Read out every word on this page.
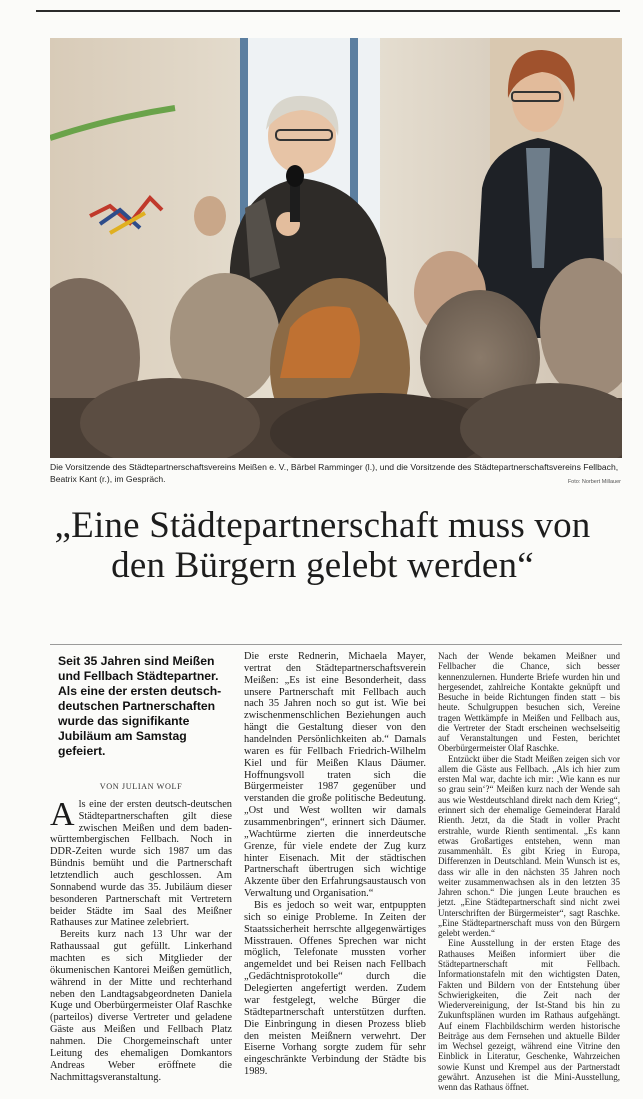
Die Vorsitzende des Städtepartnerschaftsvereins Meißen e. V., Bärbel Ramminger (l.), und die Vorsitzende des Städtepartnerschaftsvereins Fellbach, Beatrix Kant (r.), im Gespräch.	Foto: Norbert Millauer
„Eine Städtepartnerschaft muss von den Bürgern gelebt werden“
Seit 35 Jahren sind Meißen und Fellbach Städtepartner. Als eine der ersten deutsch-deutschen Partnerschaften wurde das signifikante Jubiläum am Samstag gefeiert.
VON JULIAN WOLF

Als eine der ersten deutsch-deutschen Städtepartnerschaften gilt diese zwischen Meißen und dem baden-württembergischen Fellbach. Noch in DDR-Zeiten wurde sich 1987 um das Bündnis bemüht und die Partnerschaft letztendlich auch geschlossen. Am Sonnabend wurde das 35. Jubiläum dieser besonderen Partnerschaft mit Vertretern beider Städte im Saal des Meißner Rathauses zur Matinee zelebriert.

Bereits kurz nach 13 Uhr war der Rathaussaal gut gefüllt. Linkerhand machten es sich Mitglieder der ökumenischen Kantorei Meißen gemütlich, während in der Mitte und rechterhand neben den Landtagsabgeordneten Daniela Kuge und Oberbürgermeister Olaf Raschke (parteilos) diverse Vertreter und geladene Gäste aus Meißen und Fellbach Platz nahmen. Die Chorgemeinschaft unter Leitung des ehemaligen Domkantors Andreas Weber eröffnete die Nachmittagsveranstaltung.

Die erste Rednerin, Michaela Mayer, vertrat den Städtepartnerschaftsverein Meißen: „Es ist eine Besonderheit, dass unsere Partnerschaft mit Fellbach auch nach 35 Jahren noch so gut ist. Wie bei zwischenmenschlichen Beziehungen auch hängt die Gestaltung dieser von den handelnden Persönlichkeiten ab.“ Damals waren es für Fellbach Friedrich-Wilhelm Kiel und für Meißen Klaus Däumer. Hoffnungsvoll traten sich die Bürgermeister 1987 gegenüber und verstanden die große politische Bedeutung. „Ost und West wollten wir damals zusammenbringen“, erinnert sich Däumer. „Wachtürme zierten die innerdeutsche Grenze, für viele endete der Zug kurz hinter Eisenach. Mit der städtischen Partnerschaft übertrugen sich wichtige Akzente über den Erfahrungsaustausch von Verwaltung und Organisation.“

Bis es jedoch so weit war, entpuppten sich so einige Probleme. In Zeiten der Staatssicherheit herrschte allgegenwärtiges Misstrauen. Offenes Sprechen war nicht möglich, Telefonate mussten vorher angemeldet und bei Reisen nach Fellbach „Gedächtnisprotokolle“ durch die Delegierten angefertigt werden. Zudem war festgelegt, welche Bürger die Städtepartnerschaft unterstützen durften. Die Einbringung in diesen Prozess blieb den meisten Meißnern verwehrt. Der Eiserne Vorhang sorgte zudem für sehr eingeschränkte Verbindung der Städte bis 1989.

Nach der Wende bekamen Meißner und Fellbacher die Chance, sich besser kennenzulernen. Hunderte Briefe wurden hin und hergesendet, zahlreiche Kontakte geknüpft und Besuche in beide Richtungen finden statt – bis heute. Schulgruppen besuchen sich, Vereine tragen Wettkämpfe in Meißen und Fellbach aus, die Vertreter der Stadt erscheinen wechselseitig auf Veranstaltungen und Festen, berichtet Oberbürgermeister Olaf Raschke.

Entzückt über die Stadt Meißen zeigen sich vor allem die Gäste aus Fellbach. „Als ich hier zum ersten Mal war, dachte ich mir: ‚Wie kann es nur so grau sein‘?“ Meißen kurz nach der Wende sah aus wie Westdeutschland direkt nach dem Krieg“, erinnert sich der ehemalige Gemeinderat Harald Rienth. Jetzt, da die Stadt in voller Pracht erstrahle, wurde Rienth sentimental. „Es kann etwas Großartiges entstehen, wenn man zusammenhält. Es gibt Krieg in Europa, Differenzen in Deutschland. Mein Wunsch ist es, dass wir alle in den nächsten 35 Jahren noch weiter zusammenwachsen als in den letzten 35 Jahren schon.“ Die jungen Leute brauchen es jetzt. „Eine Städtepartnerschaft sind nicht zwei Unterschriften der Bürgermeister“, sagt Raschke. „Eine Städtepartnerschaft muss von den Bürgern gelebt werden.“

Eine Ausstellung in der ersten Etage des Rathauses Meißen informiert über die Städtepartnerschaft mit Fellbach. Informationstafeln mit den wichtigsten Daten, Fakten und Bildern von der Entstehung über Schwierigkeiten, die Zeit nach der Wiedervereinigung, der Ist-Stand bis hin zu Zukunftsplänen wurden im Rathaus aufgehängt. Auf einem Flachbildschirm werden historische Beiträge aus dem Fernsehen und aktuelle Bilder im Wechsel gezeigt, während eine Vitrine den Einblick in Literatur, Geschenke, Wahrzeichen sowie Kunst und Krempel aus der Partnerstadt gewährt. Anzusehen ist die Mini-Ausstellung, wenn das Rathaus öffnet.
